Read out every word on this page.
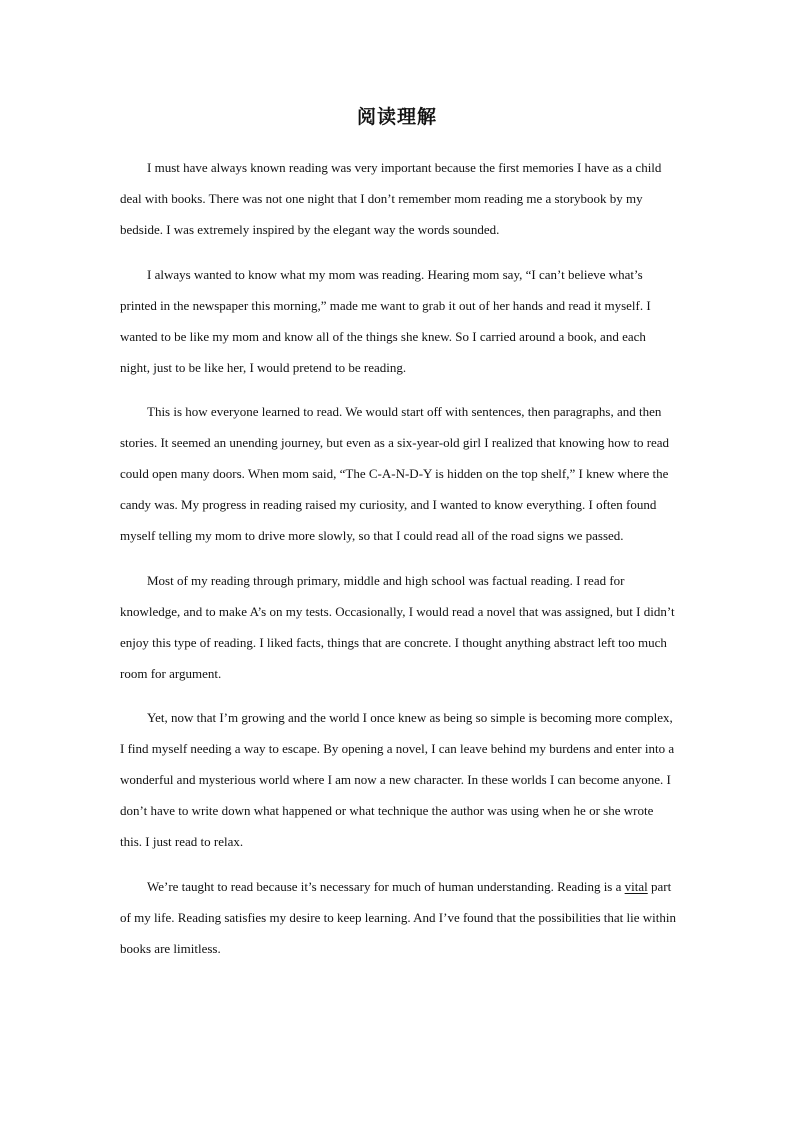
阅读理解

I must have always known reading was very important because the first memories I have as a child deal with books. There was not one night that I don’t remember mom reading me a storybook by my bedside. I was extremely inspired by the elegant way the words sounded.

I always wanted to know what my mom was reading. Hearing mom say, “I can’t believe what’s printed in the newspaper this morning,” made me want to grab it out of her hands and read it myself. I wanted to be like my mom and know all of the things she knew. So I carried around a book, and each night, just to be like her, I would pretend to be reading.

This is how everyone learned to read. We would start off with sentences, then paragraphs, and then stories. It seemed an unending journey, but even as a six-year-old girl I realized that knowing how to read could open many doors. When mom said, “The C-A-N-D-Y is hidden on the top shelf,” I knew where the candy was. My progress in reading raised my curiosity, and I wanted to know everything. I often found myself telling my mom to drive more slowly, so that I could read all of the road signs we passed.

Most of my reading through primary, middle and high school was factual reading. I read for knowledge, and to make A’s on my tests. Occasionally, I would read a novel that was assigned, but I didn’t enjoy this type of reading. I liked facts, things that are concrete. I thought anything abstract left too much room for argument.

Yet, now that I’m growing and the world I once knew as being so simple is becoming more complex, I find myself needing a way to escape. By opening a novel, I can leave behind my burdens and enter into a wonderful and mysterious world where I am now a new character. In these worlds I can become anyone. I don’t have to write down what happened or what technique the author was using when he or she wrote this. I just read to relax.

We’re taught to read because it’s necessary for much of human understanding. Reading is a vital part of my life. Reading satisfies my desire to keep learning. And I’ve found that the possibilities that lie within books are limitless.
